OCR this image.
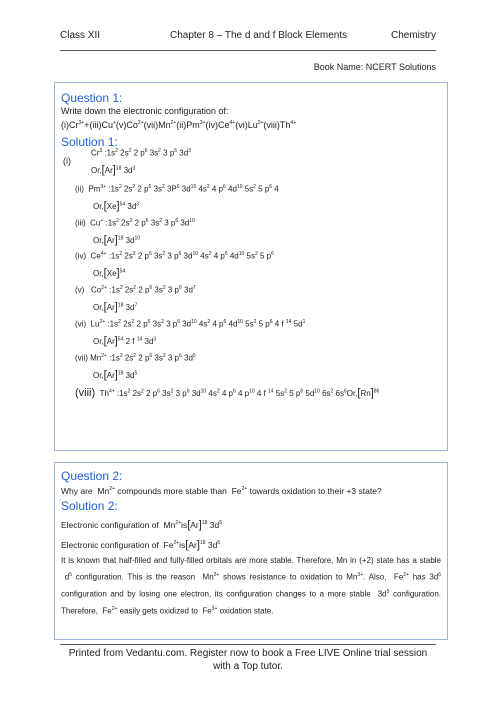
Class XII	Chapter 8 – The d and f Block Elements	Chemistry
Book Name: NCERT Solutions

Question 1:

Write down the electronic configuration of:
$(i)Cr^{3+}+(iii)Cu^+(v)Co^{2+}(vii)Mn^{2+}(ii)Pm^{3+}(iv)Ce^{4+}(vi)Lu^{2+}(viii)Th^{4+}$

Solution 1:

(i)
Cr$^3$ $:1s^2$ $2s^2$ 2 $p^6$ $3s^2$ 3 $p^6$ $3d^3$
$Or,[Ar]^{18}$ $3d^3$
(ii)  $Pm^{3+}$ $:1s^2$ $2s^2$ 2 $p^6$ $3s^2$ $3P^6$ $3d^{10}$ $4s^2$ 4 $p^6$ $4d^{10}$ $5s^2$ 5 $p^6$ 4
$Or,[Xe]^{54}$ $3d^3$
(iii)  Cu+ $:1s^2$ $2s^2$ 2 $p^6$ $3s^2$ 3 $p^6$ $3d^{10}$
$Or,[Ar]^{18}$ $3d^{10}$
(iv)  $Ce^{4+}$ $:1s^2$ $2s^2$ 2 $p^6$ $3s^2$ 3 $p^6$ $3d^{10}$ $4s^2$ 4 $p^6$ $4d^{10}$ $5s^2$ 5 $p^6$
$Or,[Xe]^{54}$
(v)   $Co^{2+}$ $:1s^2$ $2s^2$ 2 $p^6$ $3s^2$ 3 $p^6$ $3d^7$
$Or,[Ar]^{18}$ $3d^7$
(vi)  $Lu^{2+}$ $:1s^2$ $2s^2$ 2 $p^6$ $3s^2$ 3 $p^6$ $3d^{10}$ $4s^2$ 4 $p^6$ $4d^{10}$ $5s^2$ 5 $p^6$ 4 f $^{14}$ $5d^1$
$Or,[Ar]^{54}$ 2 f $^{14}$ $3d^3$
(vii) $Mn^{2+}$ $:1s^2$ $2s^2$ 2 $p^6$ $3s^2$ 3 $p^6$ $3d^5$
$Or,[Ar]^{18}$ $3d^5$
(viii)  $Th^{4+}$ $:1s^2$ $2s^2$ 2 $p^6$ $3s^2$ 3 $p^6$ $3d^{10}$ $4s^2$ 4 $p^6$ 4 $p^{10}$ 4 f $^{14}$ $5s^2$ 5 $p^6$ $5d^{10}$ $6s^2$ $6s^6Or,[Rn]^{86}$

Question 2:

Why are  $Mn^{2+}$ compounds more stable than  $Fe^{2+}$ towards oxidation to their +3 state?

Solution 2:

Electronic configuration of  $Mn^{2+}is[Ar]^{18}$ $3d^5$
Electronic configuration of  $Fe^{2+}is[Ar]^{18}$ $3d^6$
It is known that half-filled and fully-filled orbitals are more stable. Therefore, Mn in (+2) state has a stable  $d^5$ configuration. This is the reason  $Mn^{2+}$ shows resistance to oxidation to $Mn^{3+}$. Also,  $Fe^{2+}$ has $3d^6$ configuration and by losing one electron, its configuration changes to a more stable  $3d^5$ configuration. Therefore,  $Fe^{2+}$ easily gets oxidized to  $Fe^{3+}$ oxidation state.
Printed from Vedantu.com. Register now to book a Free LIVE Online trial session with a Top tutor.
